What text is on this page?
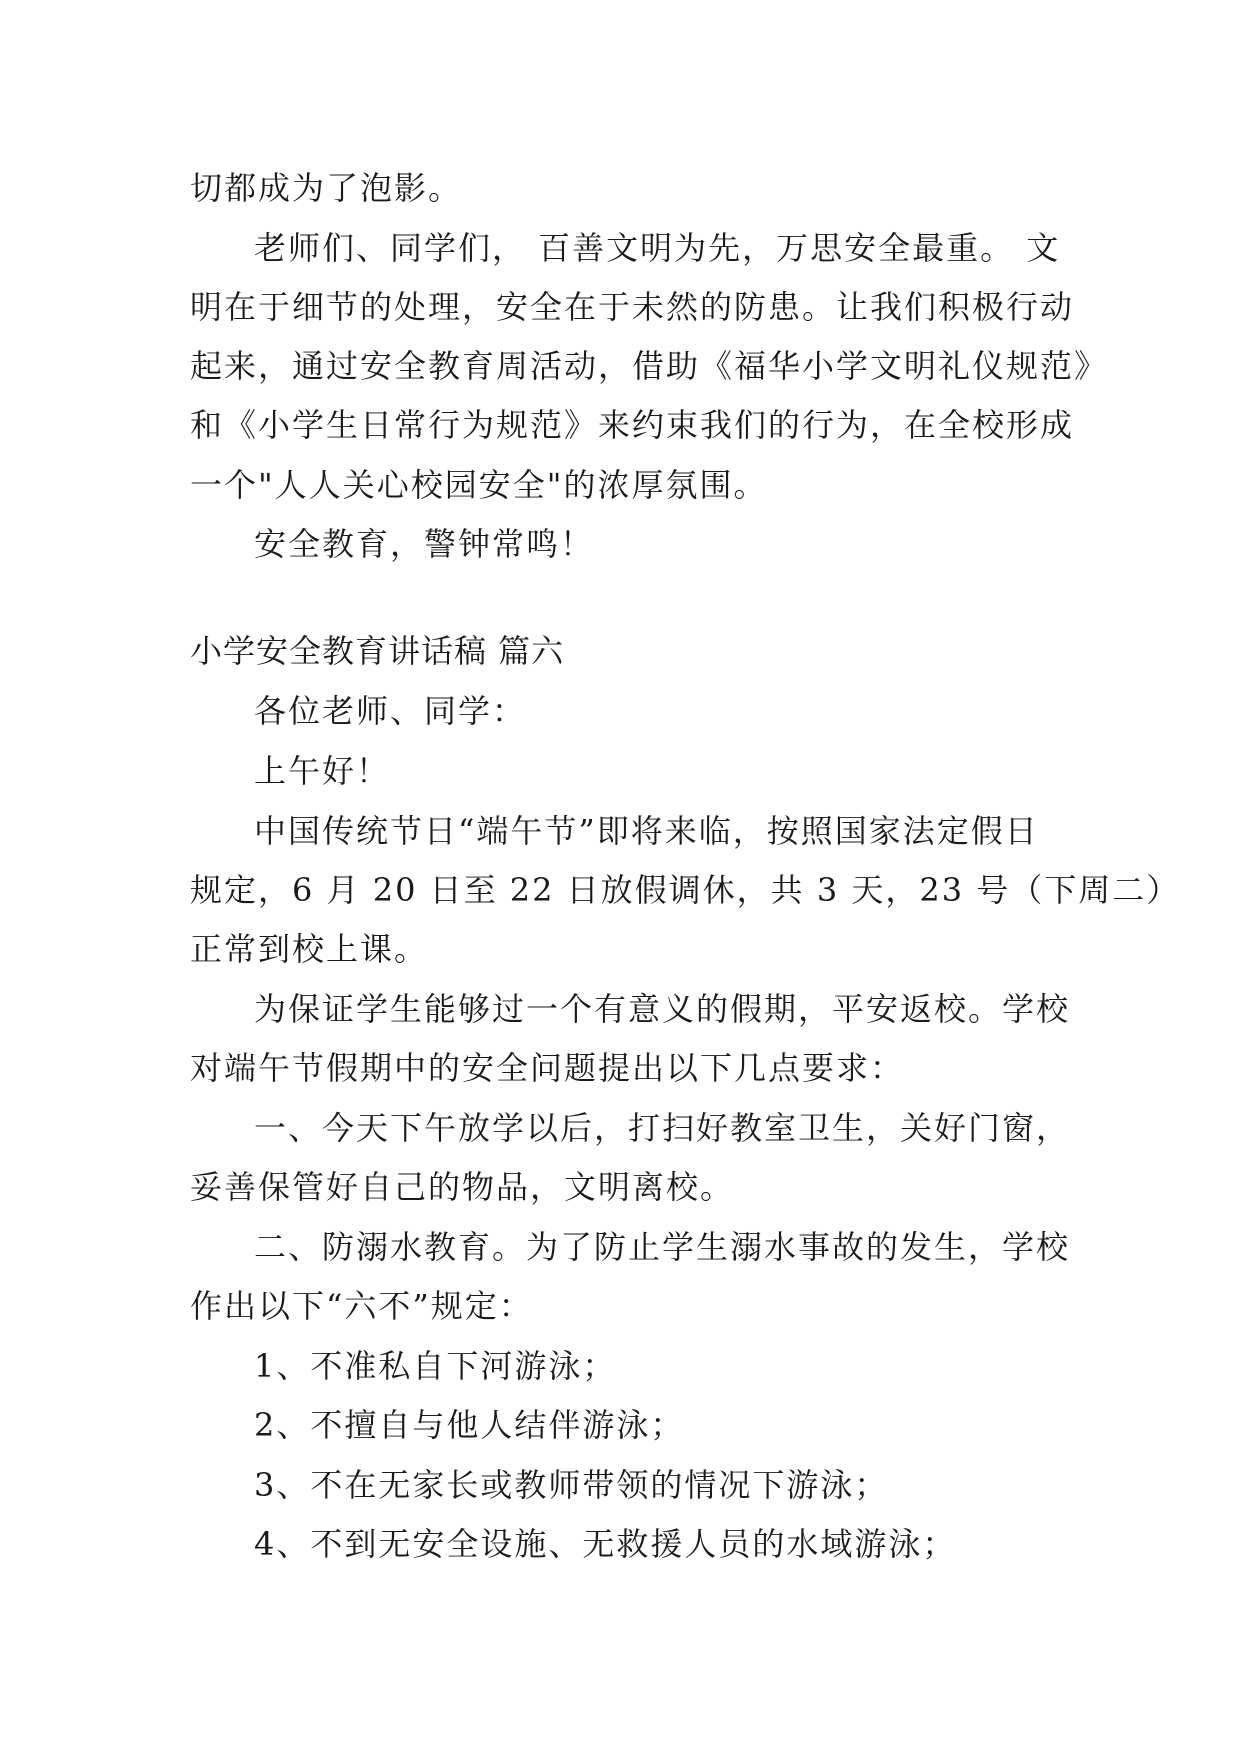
切都成为了泡影。
老师们、同学们， 百善文明为先，万思安全最重。 文
明在于细节的处理，安全在于未然的防患。让我们积极行动
起来，通过安全教育周活动，借助《福华小学文明礼仪规范》
和《小学生日常行为规范》来约束我们的行为，在全校形成
一个"人人关心校园安全"的浓厚氛围。
安全教育，警钟常鸣！
小学安全教育讲话稿 篇六
各位老师、同学：
上午好！
中国传统节日“端午节”即将来临，按照国家法定假日
规定，6 月 20 日至 22 日放假调休，共 3 天，23 号（下周二）
正常到校上课。
为保证学生能够过一个有意义的假期，平安返校。学校
对端午节假期中的安全问题提出以下几点要求：
一、今天下午放学以后，打扫好教室卫生，关好门窗，
妥善保管好自己的物品，文明离校。
二、防溺水教育。为了防止学生溺水事故的发生，学校
作出以下“六不”规定：
1、不准私自下河游泳；
2、不擅自与他人结伴游泳；
3、不在无家长或教师带领的情况下游泳；
4、不到无安全设施、无救援人员的水域游泳；
